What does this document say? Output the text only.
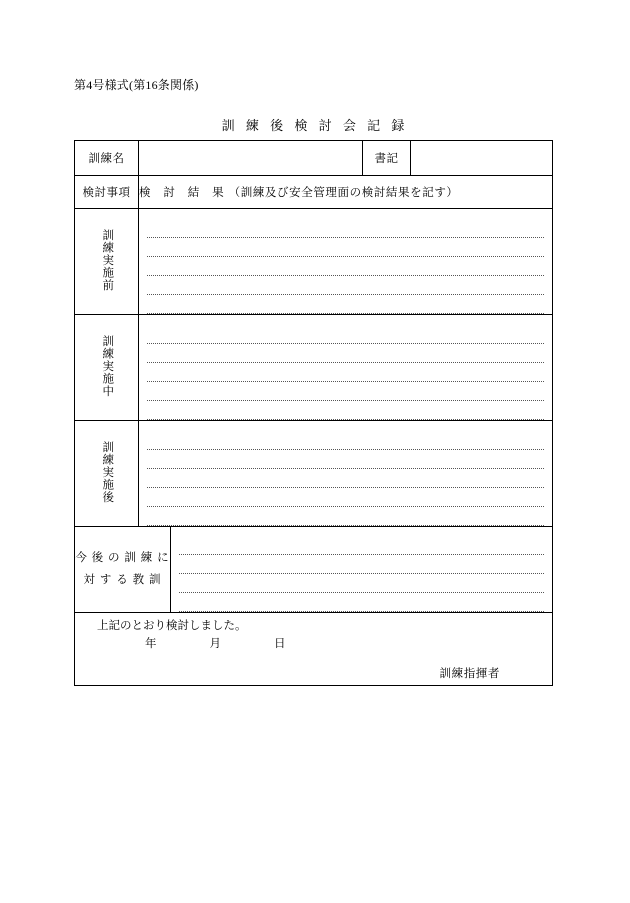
第4号様式(第16条関係)
訓 練 後 検 討 会 記 録
訓練名			書記	
検討事項	検 討 結 果（訓練及び安全管理面の検討結果を記す）			
訓練実施前				

訓練実施中				

訓練実施後				

今 後 の 訓 練 に
対 す る 教 訓				

上記のとおり検討しました。
年　　月　　日
訓練指揮者				
